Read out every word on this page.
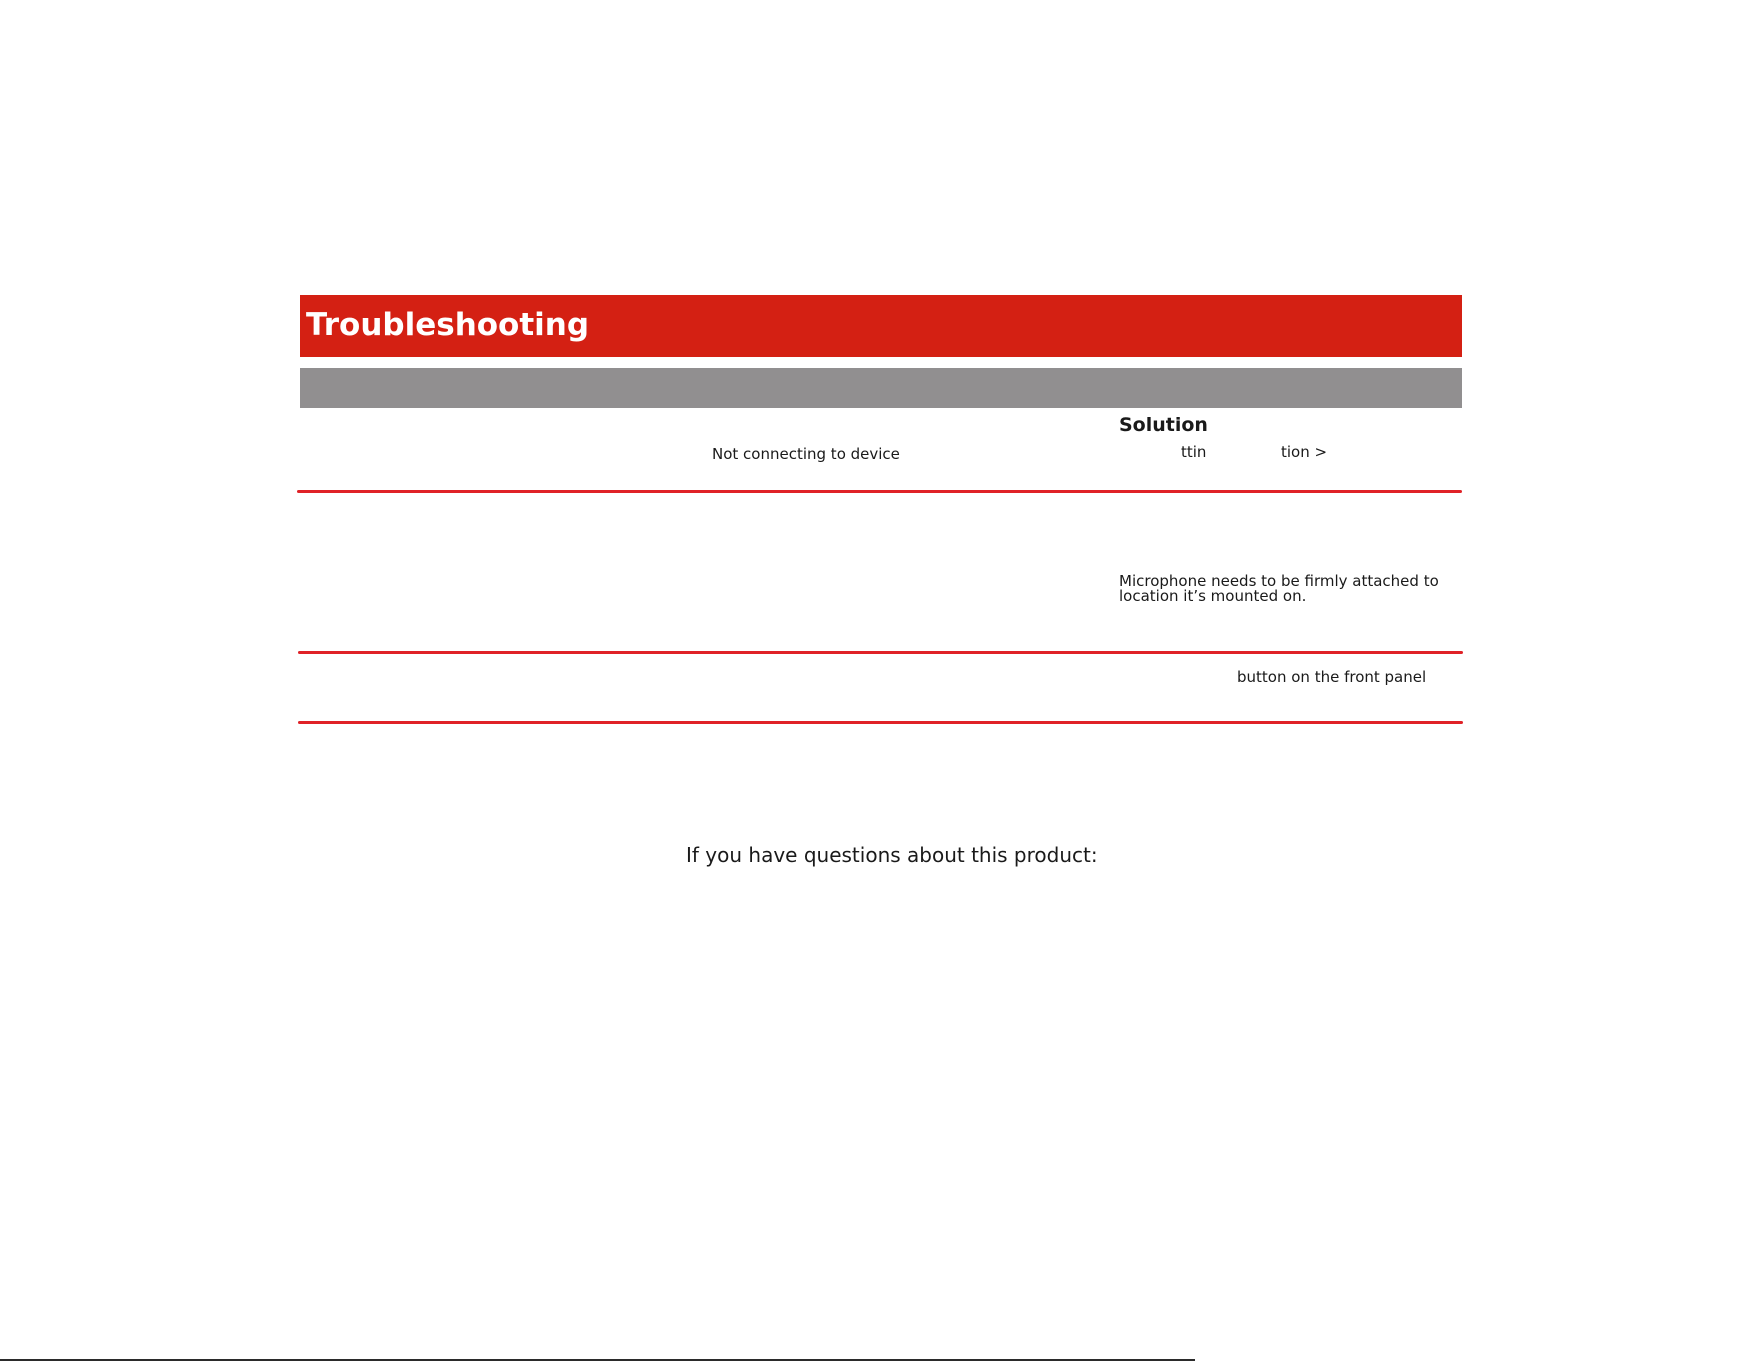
Troubleshooting
Solution
Not connecting to device	ttin	tion >
Microphone needs to be firmly attached to location it’s mounted on.
button on the front panel
If you have questions about this product:
